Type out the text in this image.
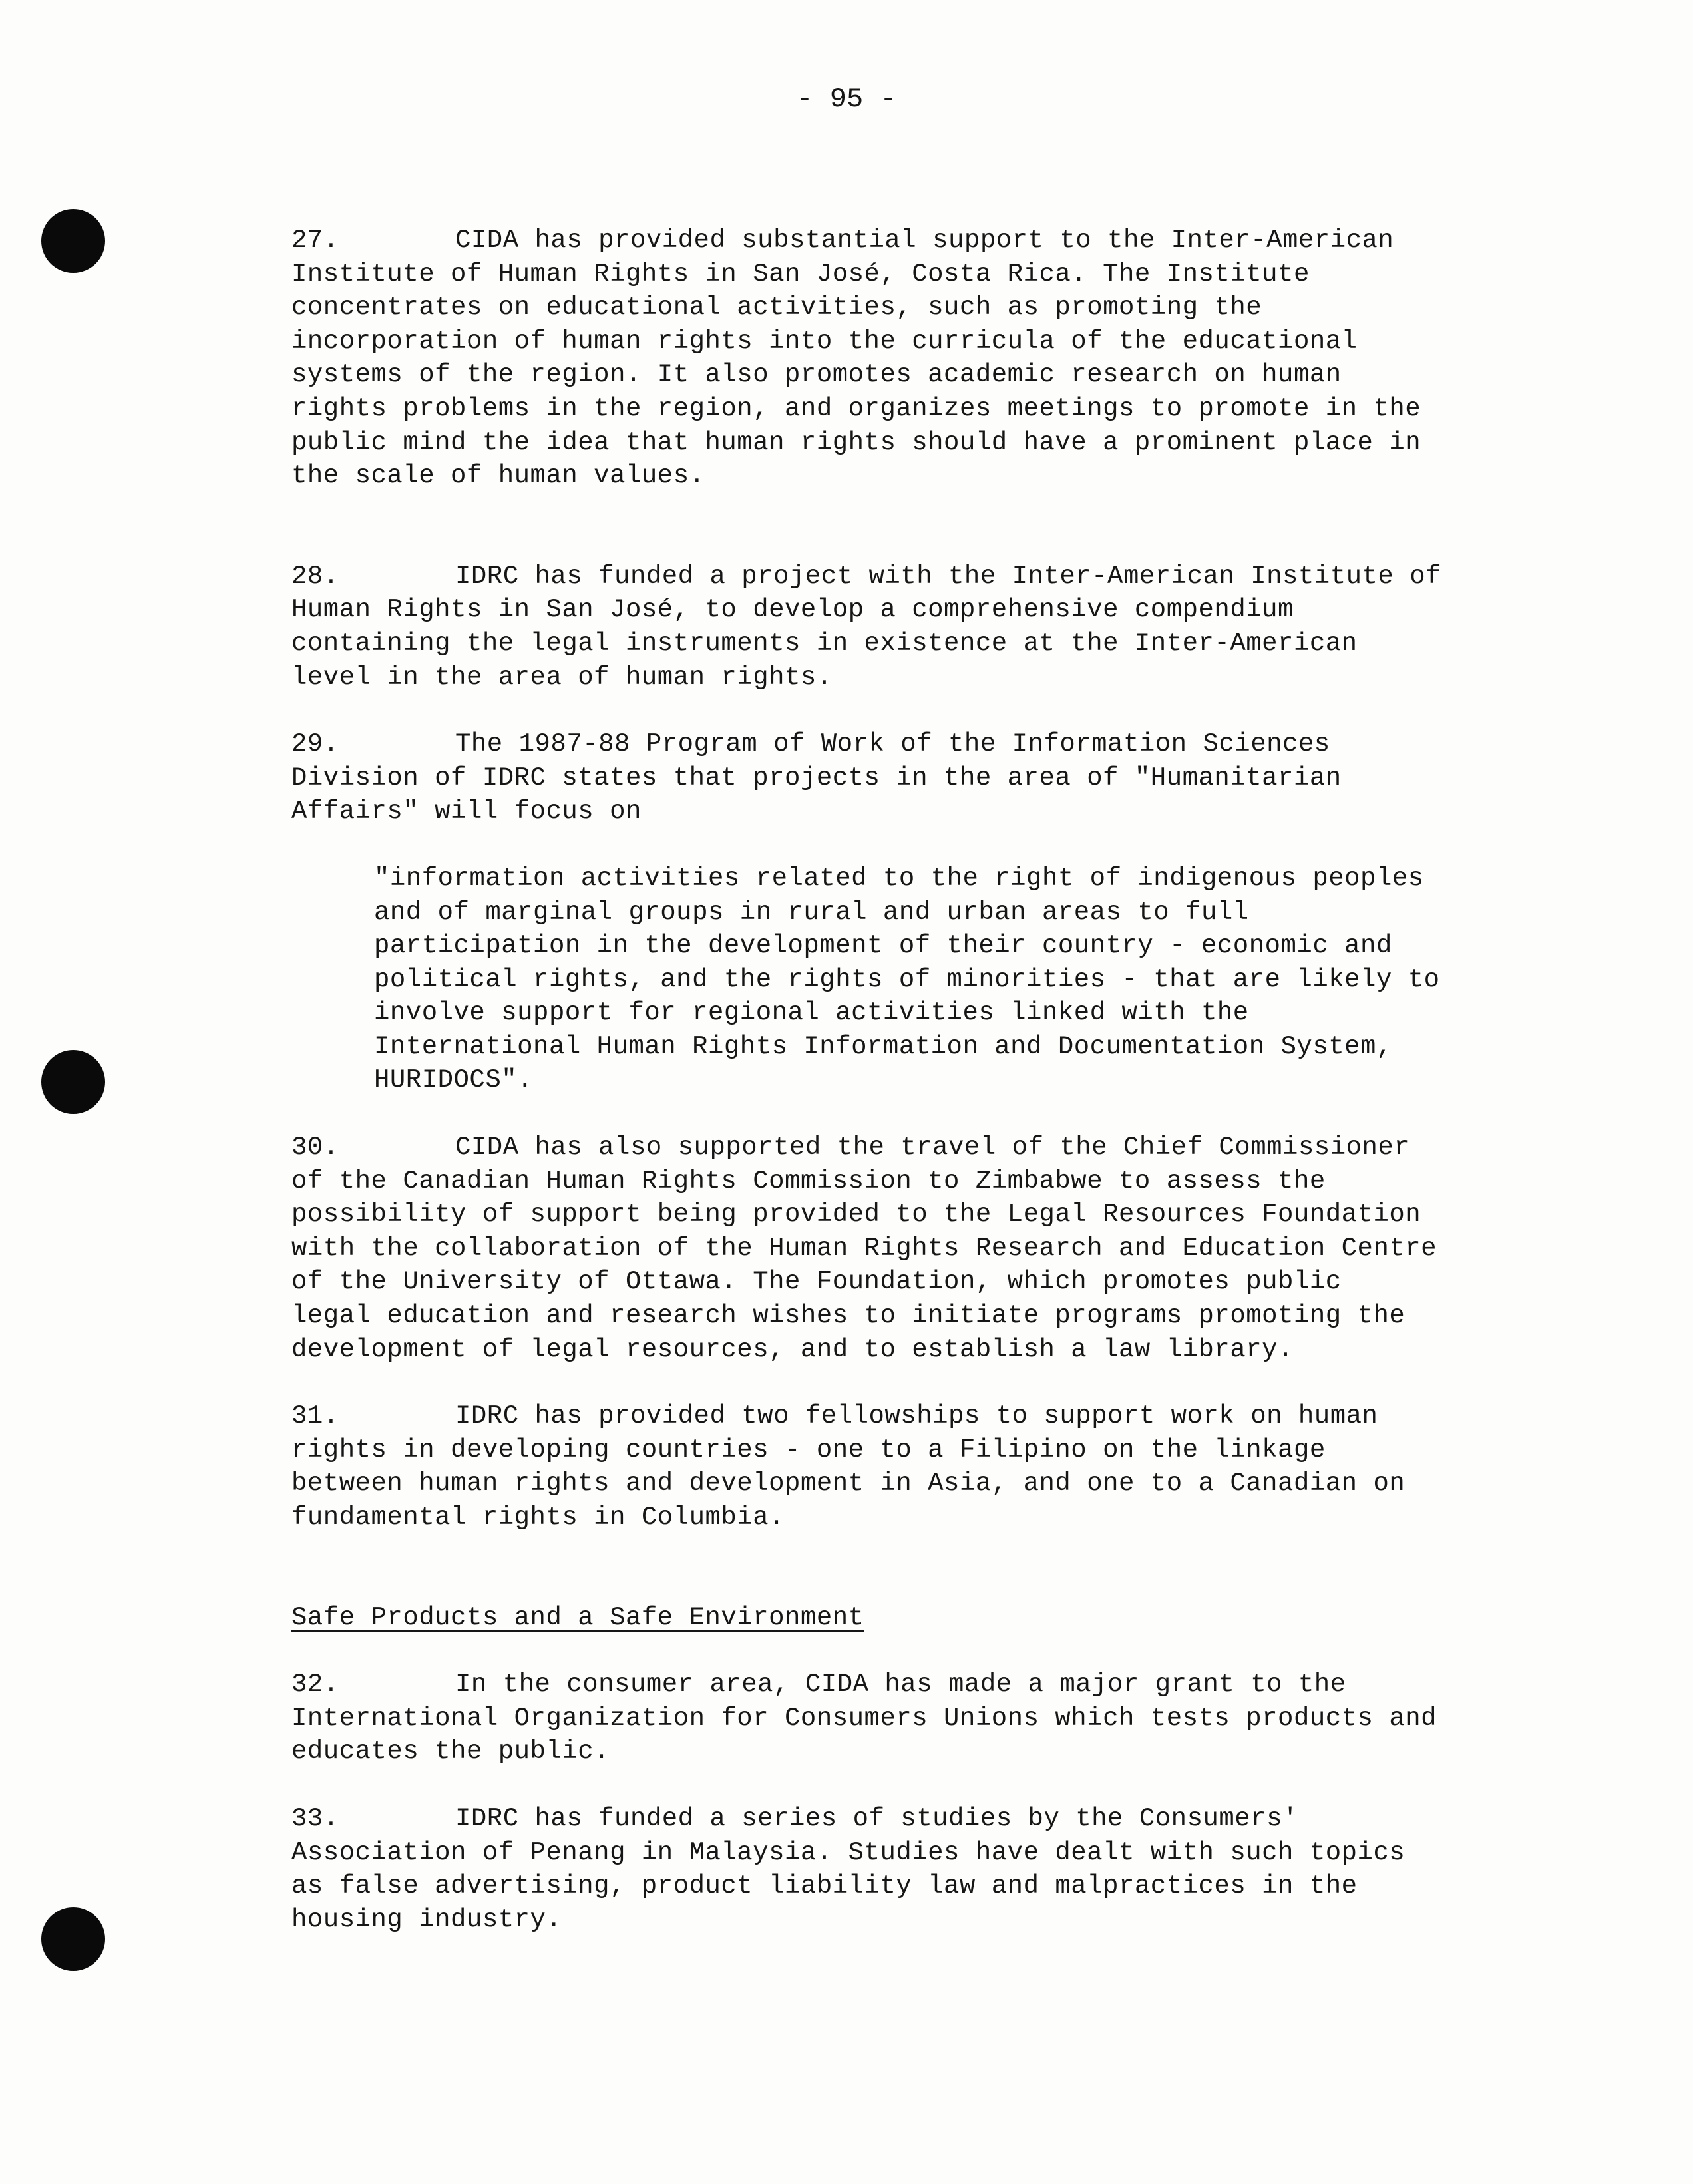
- 95 -

27.	CIDA has provided substantial support to the Inter-American
Institute of Human Rights in San José, Costa Rica. The Institute
concentrates on educational activities, such as promoting the
incorporation of human rights into the curricula of the educational
systems of the region. It also promotes academic research on human
rights problems in the region, and organizes meetings to promote in the
public mind the idea that human rights should have a prominent place in
the scale of human values.

28.	IDRC has funded a project with the Inter-American Institute of
Human Rights in San José, to develop a comprehensive compendium
containing the legal instruments in existence at the Inter-American
level in the area of human rights.

29.	The 1987-88 Program of Work of the Information Sciences
Division of IDRC states that projects in the area of "Humanitarian
Affairs" will focus on

"information activities related to the right of indigenous peoples
and of marginal groups in rural and urban areas to full
participation in the development of their country - economic and
political rights, and the rights of minorities - that are likely to
involve support for regional activities linked with the
International Human Rights Information and Documentation System,
HURIDOCS".

30.	CIDA has also supported the travel of the Chief Commissioner
of the Canadian Human Rights Commission to Zimbabwe to assess the
possibility of support being provided to the Legal Resources Foundation
with the collaboration of the Human Rights Research and Education Centre
of the University of Ottawa. The Foundation, which promotes public
legal education and research wishes to initiate programs promoting the
development of legal resources, and to establish a law library.

31.	IDRC has provided two fellowships to support work on human
rights in developing countries - one to a Filipino on the linkage
between human rights and development in Asia, and one to a Canadian on
fundamental rights in Columbia.

Safe Products and a Safe Environment

32.	In the consumer area, CIDA has made a major grant to the
International Organization for Consumers Unions which tests products and
educates the public.

33.	IDRC has funded a series of studies by the Consumers'
Association of Penang in Malaysia. Studies have dealt with such topics
as false advertising, product liability law and malpractices in the
housing industry.
